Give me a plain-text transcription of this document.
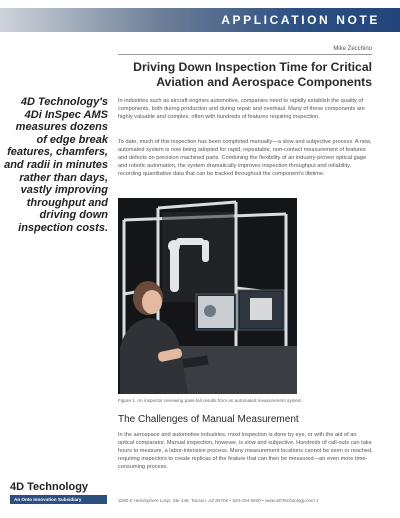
APPLICATION NOTE
Mike Zecchino
Driving Down Inspection Time for Critical Aviation and Aerospace Components
4D Technology's 4Di InSpec AMS measures dozens of edge break features, chamfers, and radii in minutes rather than days, vastly improving throughput and driving down inspection costs.

In industries such as aircraft engines automotive, companies need to rapidly establish the quality of components, both during production and during repair and overhaul. Many of these components are highly valuable and complex, often with hundreds of features requiring inspection.

To date, much of this inspection has been completed manually—a slow and subjective process. A new, automated system is now being adopted for rapid, repeatable, non-contact measurement of features and defects on precision machined parts. Combining the flexibility of an industry-proven optical gage and robotic automation, the system dramatically improves inspection throughput and reliability, recording quantitative data that can be tracked throughout the component's lifetime.

Figure 1. An inspector reviewing pass-fail results from an automated measurement system.
The Challenges of Manual Measurement

In the aerospace and automotive industries, most inspection is done by eye, or with the aid of an optical comparator. Manual inspection, however, is slow and subjective. Hundreds of call-outs can take hours to measure, a labor-intensive process. Many measurement locations cannot be seen or reached, requiring inspectors to create replicas of the feature that can then be measured—an even more time-consuming process.

4D Technology
An Onto Innovation Subsidiary	3280 E Hemisphere Loop, Ste 146, Tucson, AZ 85706 • 520-294-5600 • www.4DTechnology.com 1
